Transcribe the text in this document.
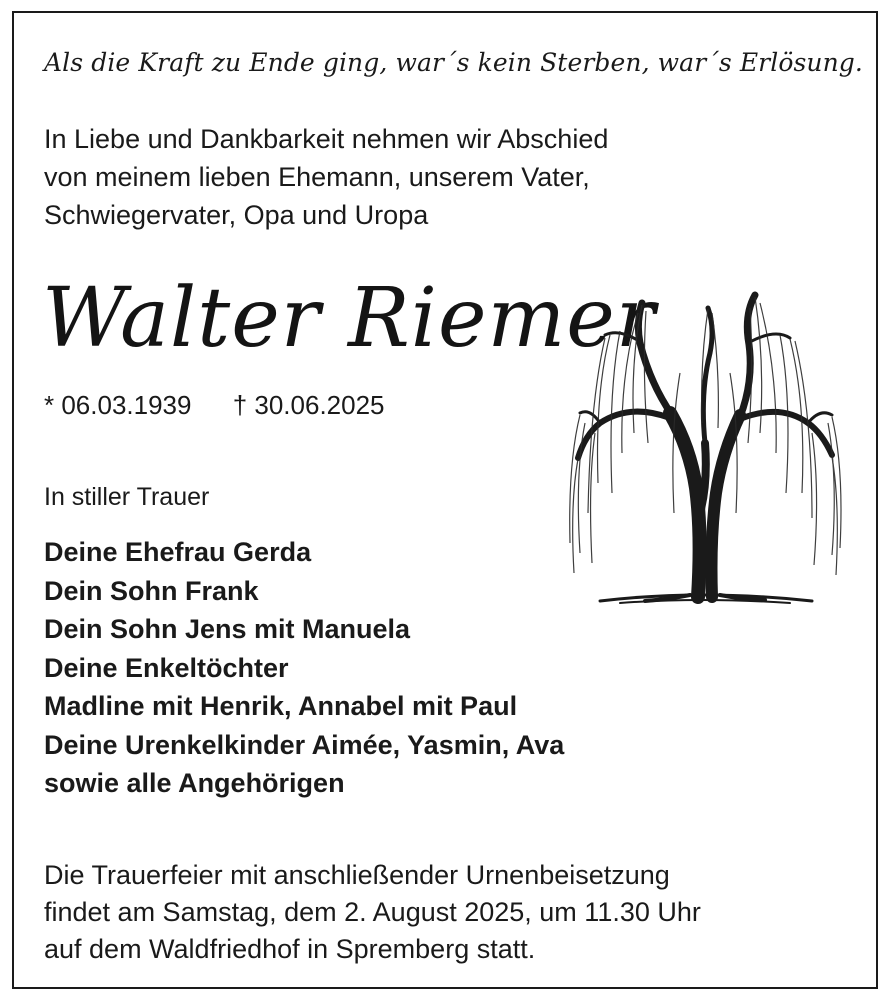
Als die Kraft zu Ende ging, war´s kein Sterben, war´s Erlösung.
In Liebe und Dankbarkeit nehmen wir Abschied
von meinem lieben Ehemann, unserem Vater,
Schwiegervater, Opa und Uropa
Walter Riemer
* 06.03.1939 † 30.06.2025
In stiller Trauer
Deine Ehefrau Gerda
Dein Sohn Frank
Dein Sohn Jens mit Manuela
Deine Enkeltöchter
Madline mit Henrik, Annabel mit Paul
Deine Urenkelkinder Aimée, Yasmin, Ava
sowie alle Angehörigen
Die Trauerfeier mit anschließender Urnenbeisetzung
findet am Samstag, dem 2. August 2025, um 11.30 Uhr
auf dem Waldfriedhof in Spremberg statt.
